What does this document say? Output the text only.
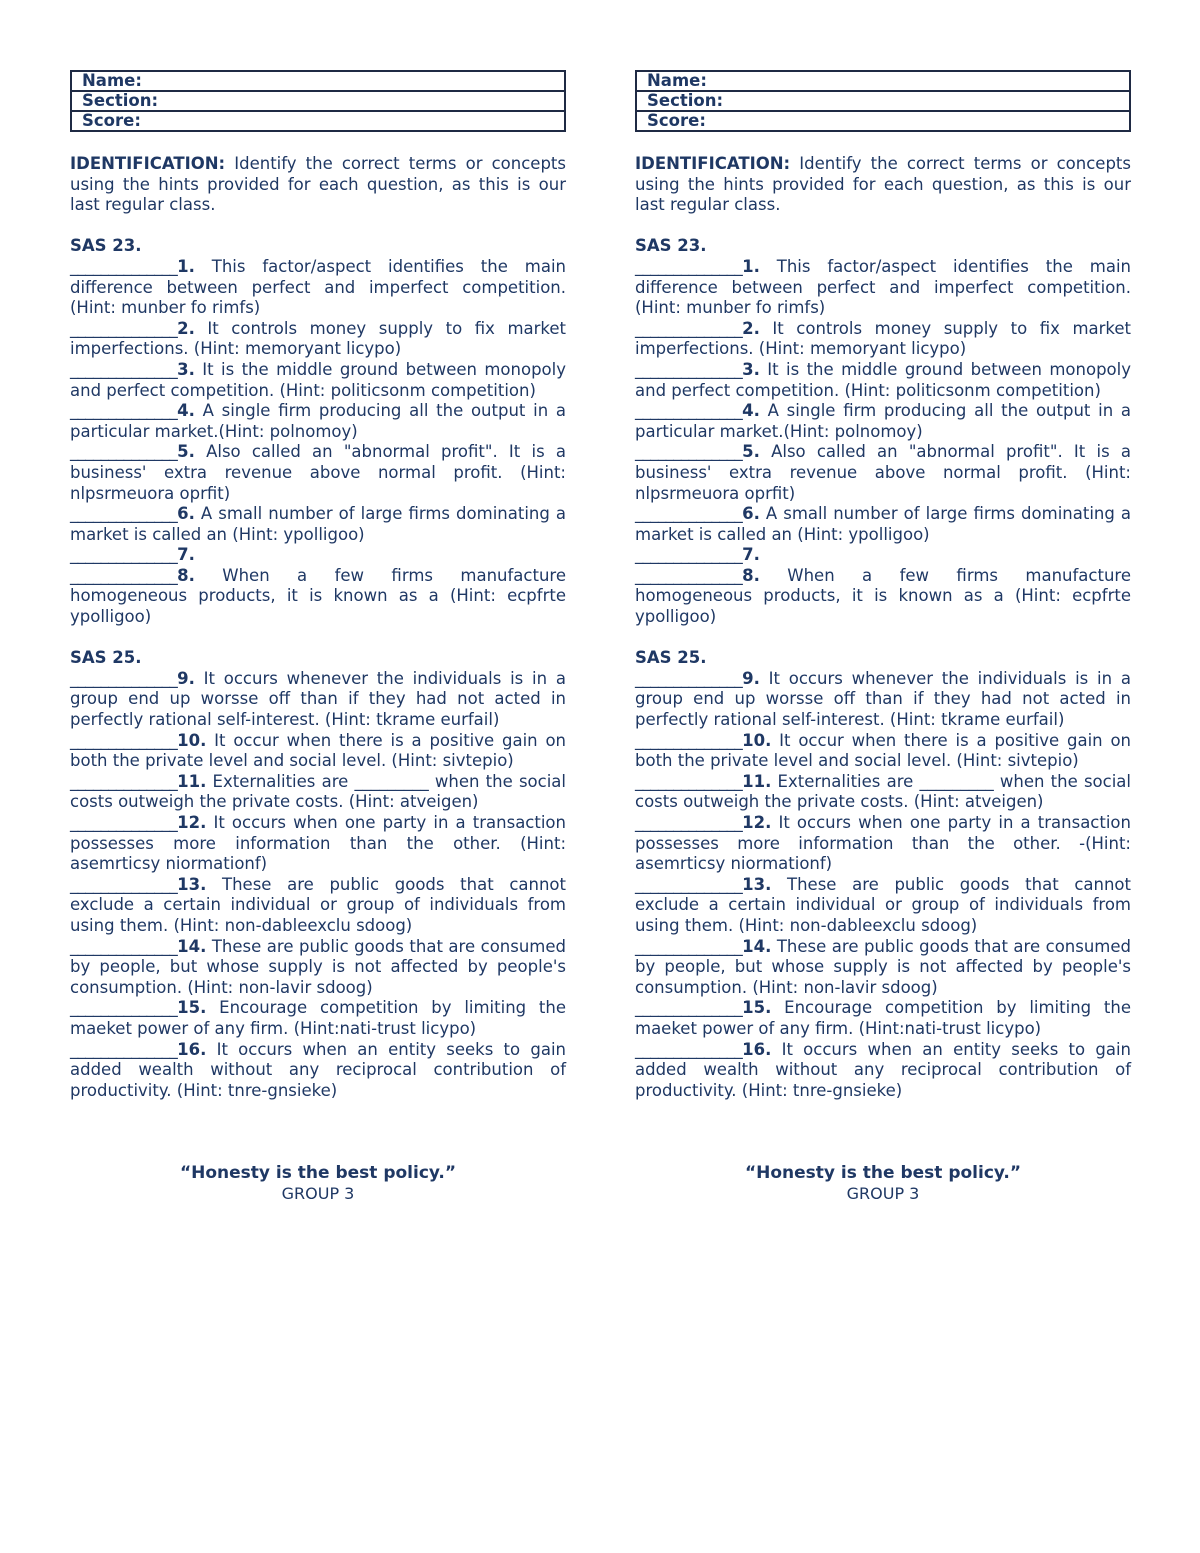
Name:
Section:
Score:
IDENTIFICATION: Identify the correct terms or concepts using the hints provided for each question, as this is our last regular class.
SAS 23.
______________1. This factor/aspect identifies the main difference between perfect and imperfect competition. (Hint: munber fo rimfs)
______________2. It controls money supply to fix market imperfections. (Hint: memoryant licypo)
______________3. It is the middle ground between monopoly and perfect competition. (Hint: politicsonm competition)
______________4. A single firm producing all the output in a particular market.(Hint: polnomoy)
______________5. Also called an "abnormal profit". It is a business' extra revenue above normal profit. (Hint: nlpsrmeuora oprfit)
______________6. A small number of large firms dominating a market is called an (Hint: ypolligoo)
______________7.
______________8. When a few firms manufacture homogeneous products, it is known as a (Hint: ecpfrte ypolligoo)
SAS 25.
______________9. It occurs whenever the individuals is in a group end up worsse off than if they had not acted in perfectly rational self-interest. (Hint: tkrame eurfail)
______________10. It occur when there is a positive gain on both the private level and social level. (Hint: sivtepio)
______________11. Externalities are _________ when the social costs outweigh the private costs. (Hint: atveigen)
______________12. It occurs when one party in a transaction possesses more information than the other. (Hint: asemrticsy niormationf)
______________13. These are public goods that cannot exclude a certain individual or group of individuals from using them. (Hint: non-dableexclu sdoog)
______________14. These are public goods that are consumed by people, but whose supply is not affected by people's consumption. (Hint: non-lavir sdoog)
______________15. Encourage competition by limiting the maeket power of any firm. (Hint:nati-trust licypo)
______________16. It occurs when an entity seeks to gain added wealth without any reciprocal contribution of productivity. (Hint: tnre-gnsieke)
“Honesty is the best policy.”
GROUP 3
Name:
Section:
Score:
IDENTIFICATION: Identify the correct terms or concepts using the hints provided for each question, as this is our last regular class.
SAS 23.
______________1. This factor/aspect identifies the main difference between perfect and imperfect competition. (Hint: munber fo rimfs)
______________2. It controls money supply to fix market imperfections. (Hint: memoryant licypo)
______________3. It is the middle ground between monopoly and perfect competition. (Hint: politicsonm competition)
______________4. A single firm producing all the output in a particular market.(Hint: polnomoy)
______________5. Also called an "abnormal profit". It is a business' extra revenue above normal profit. (Hint: nlpsrmeuora oprfit)
______________6. A small number of large firms dominating a market is called an (Hint: ypolligoo)
______________7.
______________8. When a few firms manufacture homogeneous products, it is known as a (Hint: ecpfrte ypolligoo)
SAS 25.
______________9. It occurs whenever the individuals is in a group end up worsse off than if they had not acted in perfectly rational self-interest. (Hint: tkrame eurfail)
______________10. It occur when there is a positive gain on both the private level and social level. (Hint: sivtepio)
______________11. Externalities are _________ when the social costs outweigh the private costs. (Hint: atveigen)
______________12. It occurs when one party in a transaction possesses more information than the other. -(Hint: asemrticsy niormationf)
______________13. These are public goods that cannot exclude a certain individual or group of individuals from using them. (Hint: non-dableexclu sdoog)
______________14. These are public goods that are consumed by people, but whose supply is not affected by people's consumption. (Hint: non-lavir sdoog)
______________15. Encourage competition by limiting the maeket power of any firm. (Hint:nati-trust licypo)
______________16. It occurs when an entity seeks to gain added wealth without any reciprocal contribution of productivity. (Hint: tnre-gnsieke)
“Honesty is the best policy.”
GROUP 3
